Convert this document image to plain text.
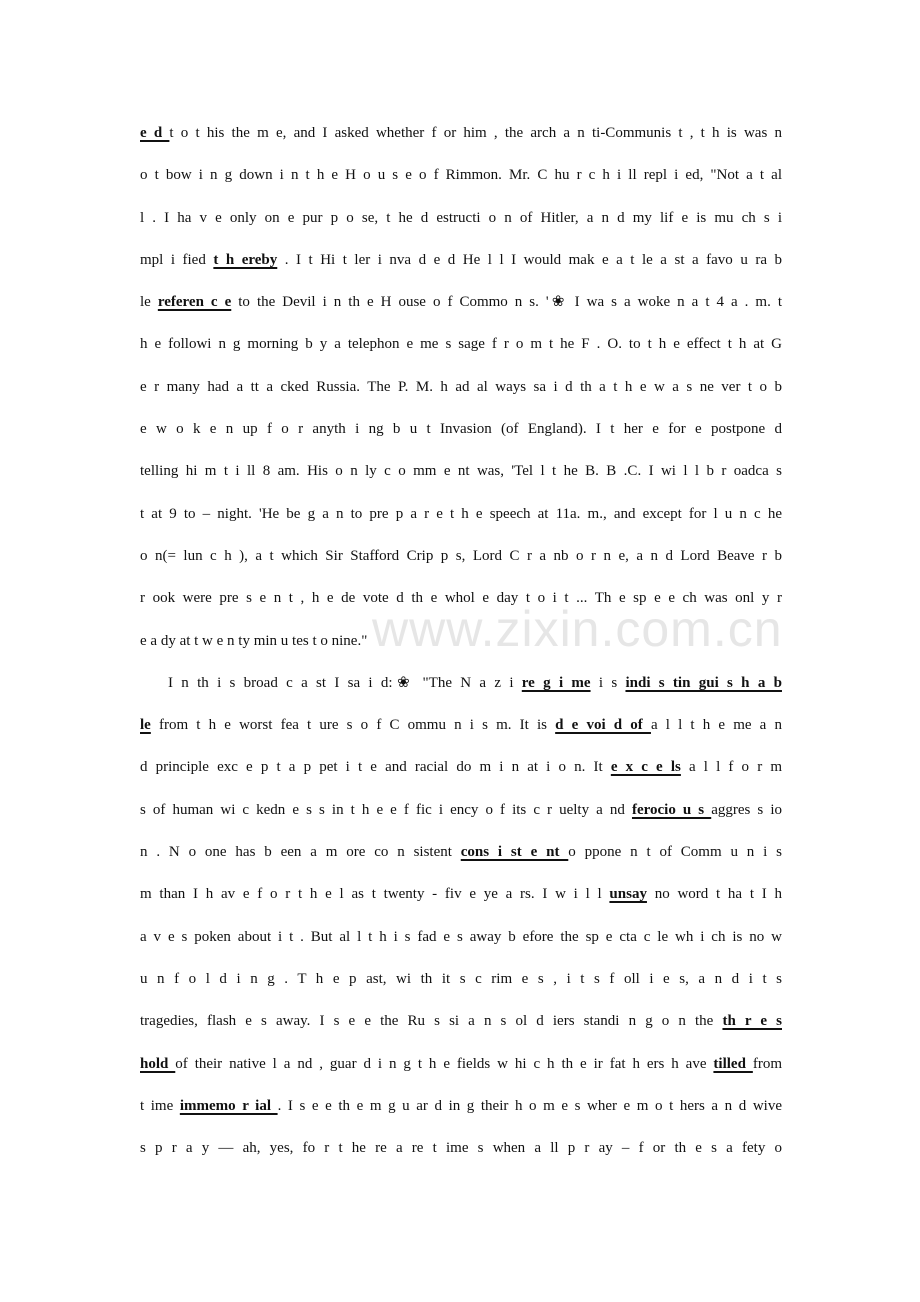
www.zixin.com.cn
e d t o t his the m e, and I asked whether f or him , the arch a n ti-Communis t , t h is was n
o t bow i n g down i n t h e H o u s e o f Rimmon. Mr. C hu r c h i ll repl i ed, "Not a t al
l . I ha v e only on e pur p o se, t he d estructi o n of Hitler, a n d my lif e is mu ch s i
mpl i fied t h ereby . I t Hi t ler i nva d e d He l l I would mak e a t le a st a favo u ra b
le referen c e to the Devil i n th e H ouse o f Commo n s. '❀ I wa s a woke n a t 4 a . m. t
h e followi n g morning b y a telephon e me s sage f r o m t he F . O. to t h e effect t h at G
e r many had a tt a cked Russia. The P. M. h ad al ways sa i d th a t h e w a s ne ver t o b
e w o k e n up f o r anyth i ng b u t Invasion (of England). I t her e for e postpone d
telling hi m t i ll 8 am. His o n ly c o mm e nt was, 'Tel l t he B. B .C. I wi l l b r oadca s
t at 9 to – night. 'He be g a n to pre p a r e t h e speech at 11a. m., and except for l u n c he
o n(= lun c h ), a t which Sir Stafford Crip p s, Lord C r a nb o r n e, a n d Lord Beave r b
r ook were pre s e n t , h e de vote d th e whol e day t o i t ... Th e sp e e ch was onl y r
e a dy at t w e n ty min u tes t o nine."
I n th i s broad c a st I sa i d:❀ "The N a z i re g i me i s indi s tin gui s h a b
le from t h e worst fea t ure s o f C ommu n i s m. It is d e voi d of a l l t h e me a n
d principle exc e p t a p pet i t e and racial do m i n at i o n. It e x c e ls a l l f o r m
s of human wi c kedn e s s in t h e e f fic i ency o f its c r uelty a nd ferocio u s aggres s io
n . N o one has b een a m ore co n sistent cons i st e nt o ppone n t of Comm u n i s
m than I h av e f o r t h e l as t twenty - fiv e ye a rs. I w i l l unsay no word t ha t I h
a v e s poken about i t . But al l t h i s fad e s away b efore the sp e cta c le wh i ch is no w
u n f o l d i n g . T h e p ast, wi th it s c rim e s , i t s f oll i e s, a n d i t s
tragedies, flash e s away. I s e e the Ru s si a n s ol d iers standi n g o n the th r e s
hold of their native l a nd , guar d i n g t h e fields w hi c h th e ir fat h ers h ave tilled from
t ime immemo r ial . I s e e th e m g u ar d in g their h o m e s wher e m o t hers a n d wive
s p r a y — ah, yes, fo r t he re a re t ime s when a ll p r ay – f or th e s a fety o
